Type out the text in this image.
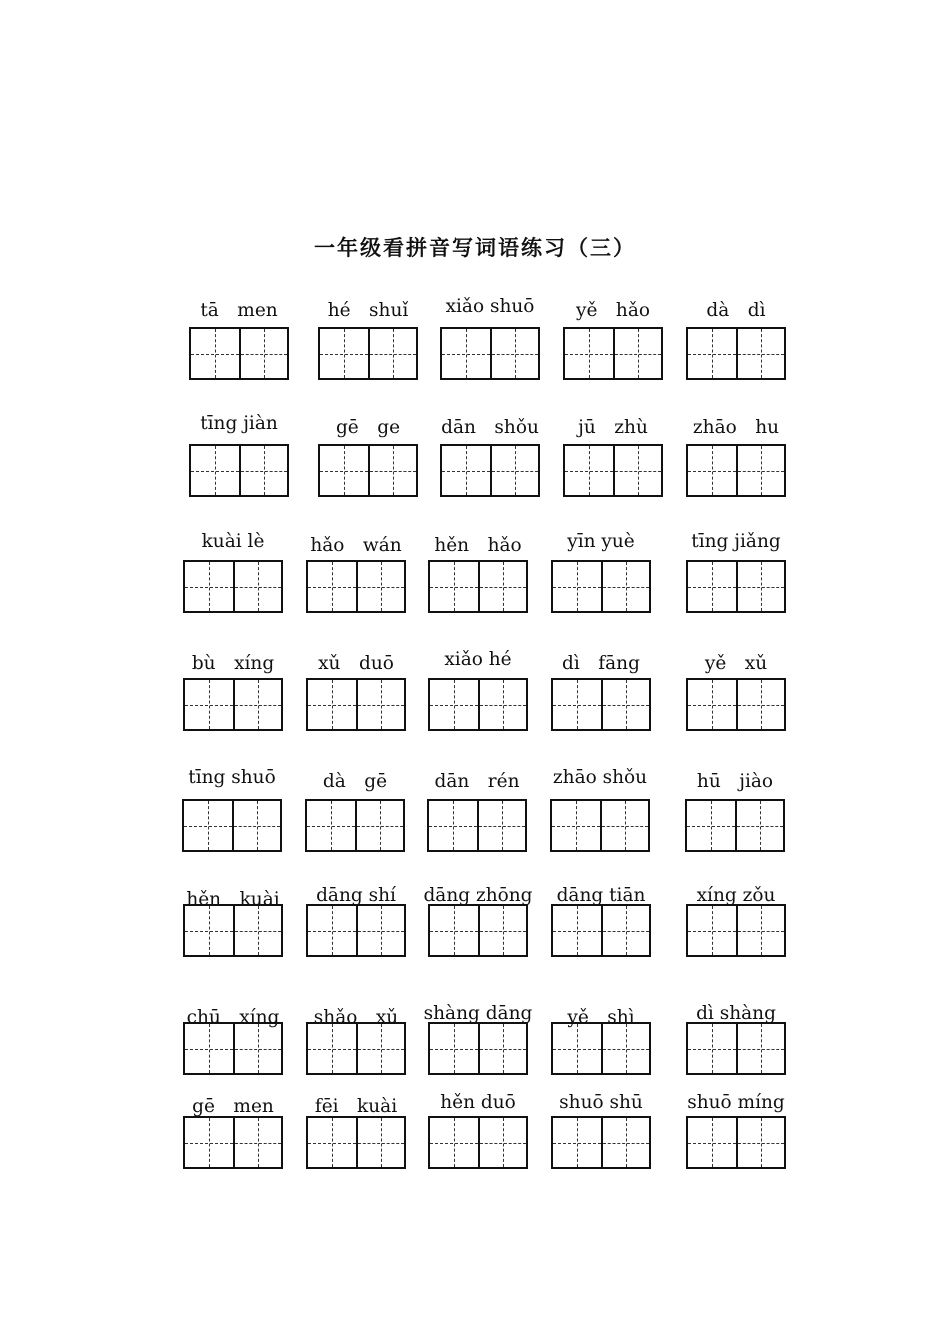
一年级看拼音写词语练习（三）
tā　men	hé　shuǐ	xiǎo shuō	yě　hǎo	dà　dì
tīng jiàn	gē　ge	dān　shǒu	jū　zhù	zhāo　hu
kuài lè	hǎo　wán	hěn　hǎo	yīn yuè	tīng jiǎng
bù　xíng	xǔ　duō	xiǎo hé	dì　fāng	yě　xǔ
tīng shuō	dà　gē	dān　rén	zhāo shǒu	hū　jiào
hěn　kuài	dāng shí	dāng zhōng	dāng tiān	xíng zǒu
chū　xíng	shǎo　xǔ	shàng dāng	yě　shì	dì shàng
gē　men	fēi　kuài	hěn duō	shuō shū	shuō míng
